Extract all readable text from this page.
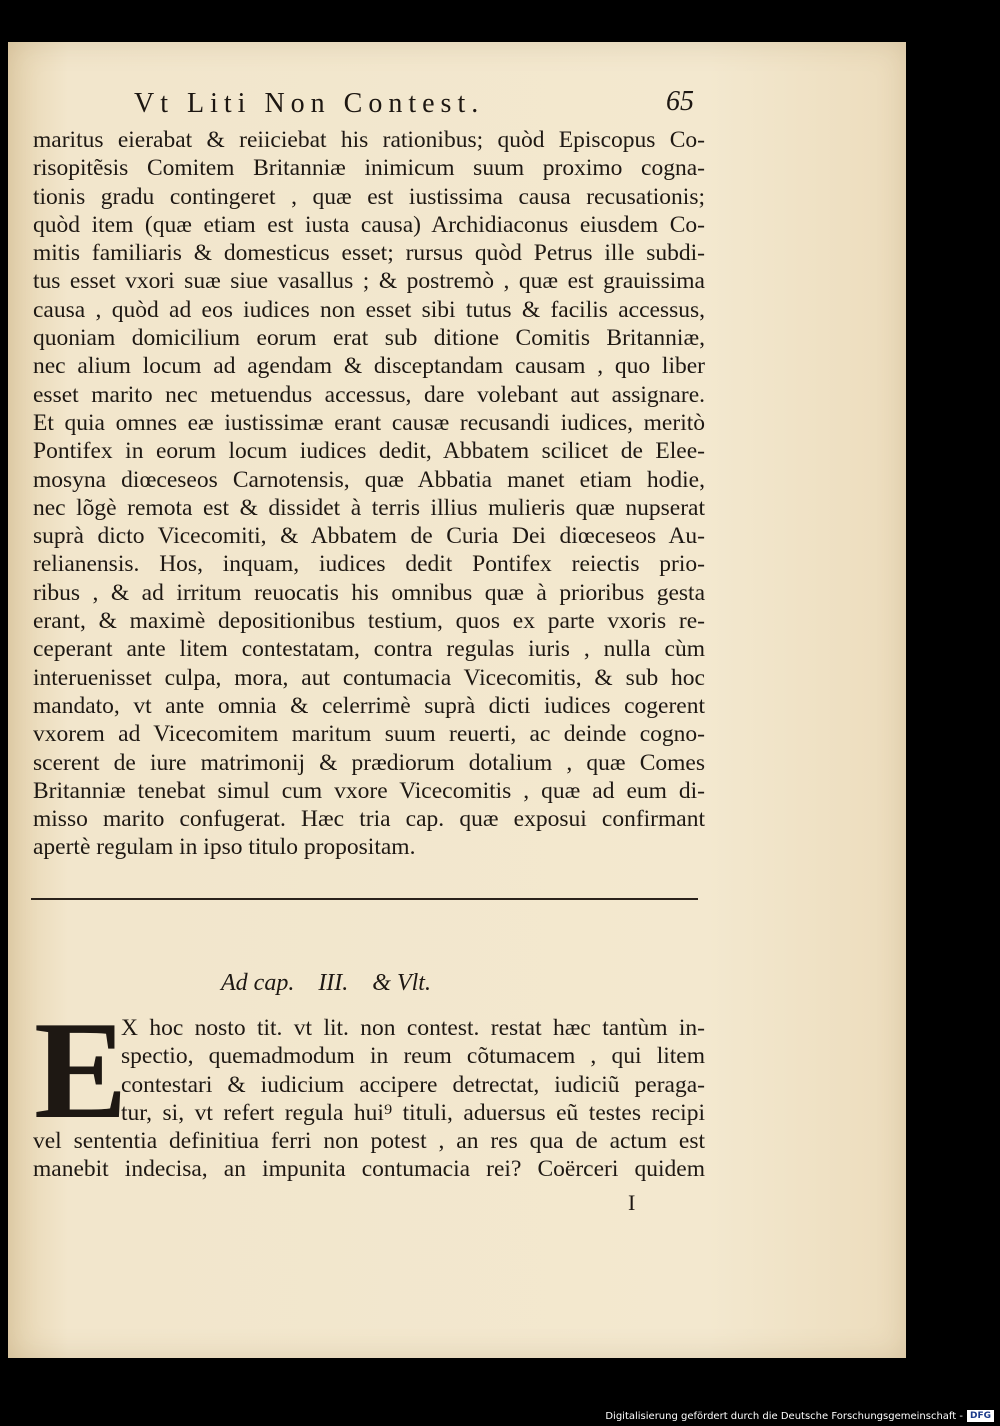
Vt Liti Non Contest.	65
maritus eierabat & reiiciebat his rationibus; quòd Episcopus Co-
risopitẽsis Comitem Britanniæ inimicum suum proximo cogna-
tionis gradu contingeret , quæ est iustissima causa recusationis;
quòd item (quæ etiam est iusta causa) Archidiaconus eiusdem Co-
mitis familiaris & domesticus esset; rursus quòd Petrus ille subdi-
tus esset vxori suæ siue vasallus ; & postremò , quæ est grauissima
causa , quòd ad eos iudices non esset sibi tutus & facilis accessus,
quoniam domicilium eorum erat sub ditione Comitis Britanniæ,
nec alium locum ad agendam & disceptandam causam , quo liber
esset marito nec metuendus accessus, dare volebant aut assignare.
Et quia omnes eæ iustissimæ erant causæ recusandi iudices, meritò
Pontifex in eorum locum iudices dedit, Abbatem scilicet de Elee-
mosyna diœceseos Carnotensis, quæ Abbatia manet etiam hodie,
nec lõgè remota est & dissidet à terris illius mulieris quæ nupserat
suprà dicto Vicecomiti, & Abbatem de Curia Dei diœceseos Au-
relianensis. Hos, inquam, iudices dedit Pontifex reiectis prio-
ribus , & ad irritum reuocatis his omnibus quæ à prioribus gesta
erant, & maximè depositionibus testium, quos ex parte vxoris re-
ceperant ante litem contestatam, contra regulas iuris , nulla cùm
interuenisset culpa, mora, aut contumacia Vicecomitis, & sub hoc
mandato, vt ante omnia & celerrimè suprà dicti iudices cogerent
vxorem ad Vicecomitem maritum suum reuerti, ac deinde cogno-
scerent de iure matrimonij & prædiorum dotalium , quæ Comes
Britanniæ tenebat simul cum vxore Vicecomitis , quæ ad eum di-
misso marito confugerat. Hæc tria cap. quæ exposui confirmant
apertè regulam in ipso titulo propositam.
Ad cap.    III.    & Vlt.
E
X hoc nosto tit. vt lit. non contest. restat hæc tantùm in-
spectio, quemadmodum in reum cõtumacem , qui litem
contestari & iudicium accipere detrectat, iudiciũ peraga-
tur, si, vt refert regula hui⁹ tituli, aduersus eũ testes recipi
vel sententia definitiua ferri non potest , an res qua de actum est
manebit indecisa, an impunita contumacia rei? Coërceri quidem
I
Digitalisierung gefördert durch die Deutsche Forschungsgemeinschaft - DFG
